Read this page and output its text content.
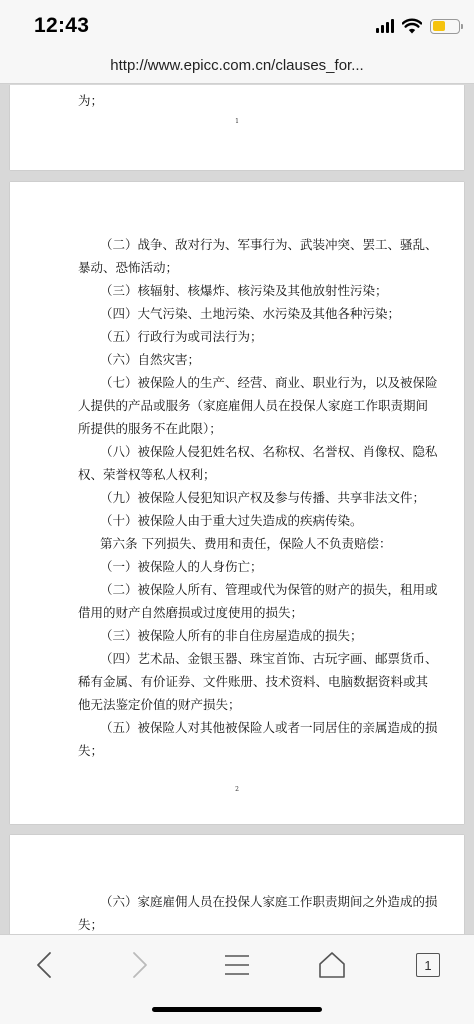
12:43
http://www.epicc.com.cn/clauses_for...
为；
1
（二）战争、敌对行为、军事行为、武装冲突、罢工、骚乱、
暴动、恐怖活动；
（三）核辐射、核爆炸、核污染及其他放射性污染；
（四）大气污染、土地污染、水污染及其他各种污染；
（五）行政行为或司法行为；
（六）自然灾害；
（七）被保险人的生产、经营、商业、职业行为，以及被保险
人提供的产品或服务（家庭雇佣人员在投保人家庭工作职责期间
所提供的服务不在此限）；
（八）被保险人侵犯姓名权、名称权、名誉权、肖像权、隐私
权、荣誉权等私人权利；
（九）被保险人侵犯知识产权及参与传播、共享非法文件；
（十）被保险人由于重大过失造成的疾病传染。
第六条 下列损失、费用和责任，保险人不负责赔偿：
（一）被保险人的人身伤亡；
（二）被保险人所有、管理或代为保管的财产的损失，租用或
借用的财产自然磨损或过度使用的损失；
（三）被保险人所有的非自住房屋造成的损失；
（四）艺术品、金银玉器、珠宝首饰、古玩字画、邮票货币、
稀有金属、有价证券、文件账册、技术资料、电脑数据资料或其
他无法鉴定价值的财产损失；
（五）被保险人对其他被保险人或者一同居住的亲属造成的损
失；
2
（六）家庭雇佣人员在投保人家庭工作职责期间之外造成的损
失；
1
